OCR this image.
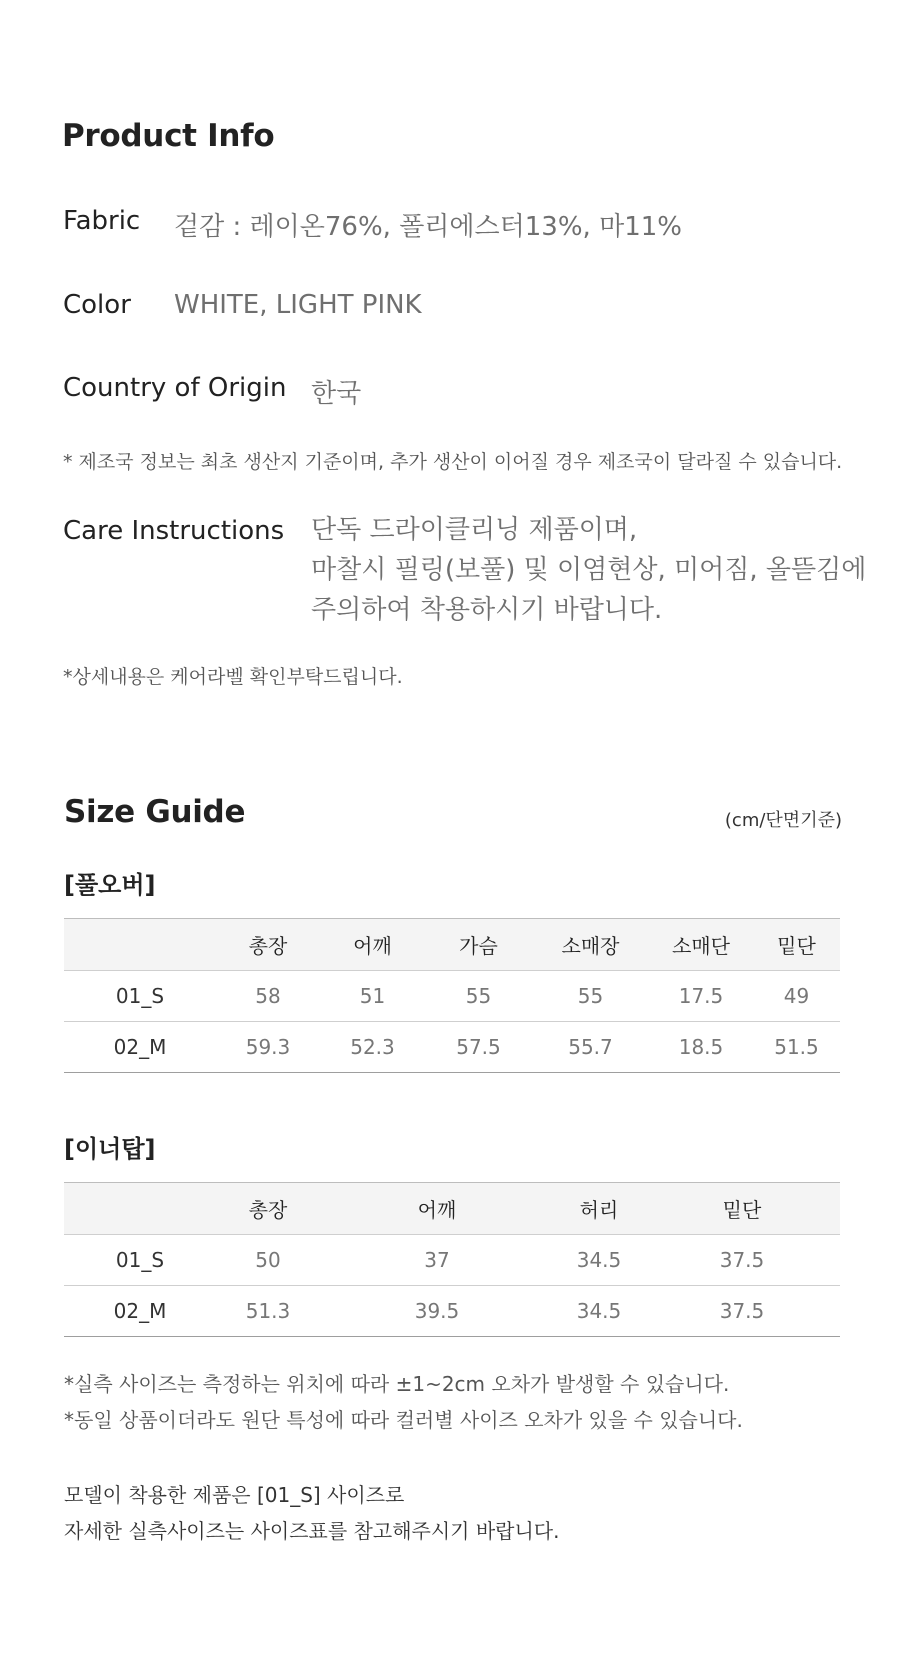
Product Info
Fabric 겉감 : 레이온76%, 폴리에스터13%, 마11%
Color WHITE, LIGHT PINK
Country of Origin 한국
* 제조국 정보는 최초 생산지 기준이며, 추가 생산이 이어질 경우 제조국이 달라질 수 있습니다.
Care Instructions 단독 드라이클리닝 제품이며,
마찰시 필링(보풀) 및 이염현상, 미어짐, 올뜯김에
주의하여 착용하시기 바랍니다.
*상세내용은 케어라벨 확인부탁드립니다.
Size Guide	(cm/단면기준)
[풀오버]
	총장	어깨	가슴	소매장	소매단	밑단
01_S	58	51	55	55	17.5	49
02_M	59.3	52.3	57.5	55.7	18.5	51.5
[이너탑]
	총장	어깨	허리	밑단
01_S	50	37	34.5	37.5
02_M	51.3	39.5	34.5	37.5
*실측 사이즈는 측정하는 위치에 따라 ±1~2cm 오차가 발생할 수 있습니다.
*동일 상품이더라도 원단 특성에 따라 컬러별 사이즈 오차가 있을 수 있습니다.
모델이 착용한 제품은 [01_S] 사이즈로
자세한 실측사이즈는 사이즈표를 참고해주시기 바랍니다.
